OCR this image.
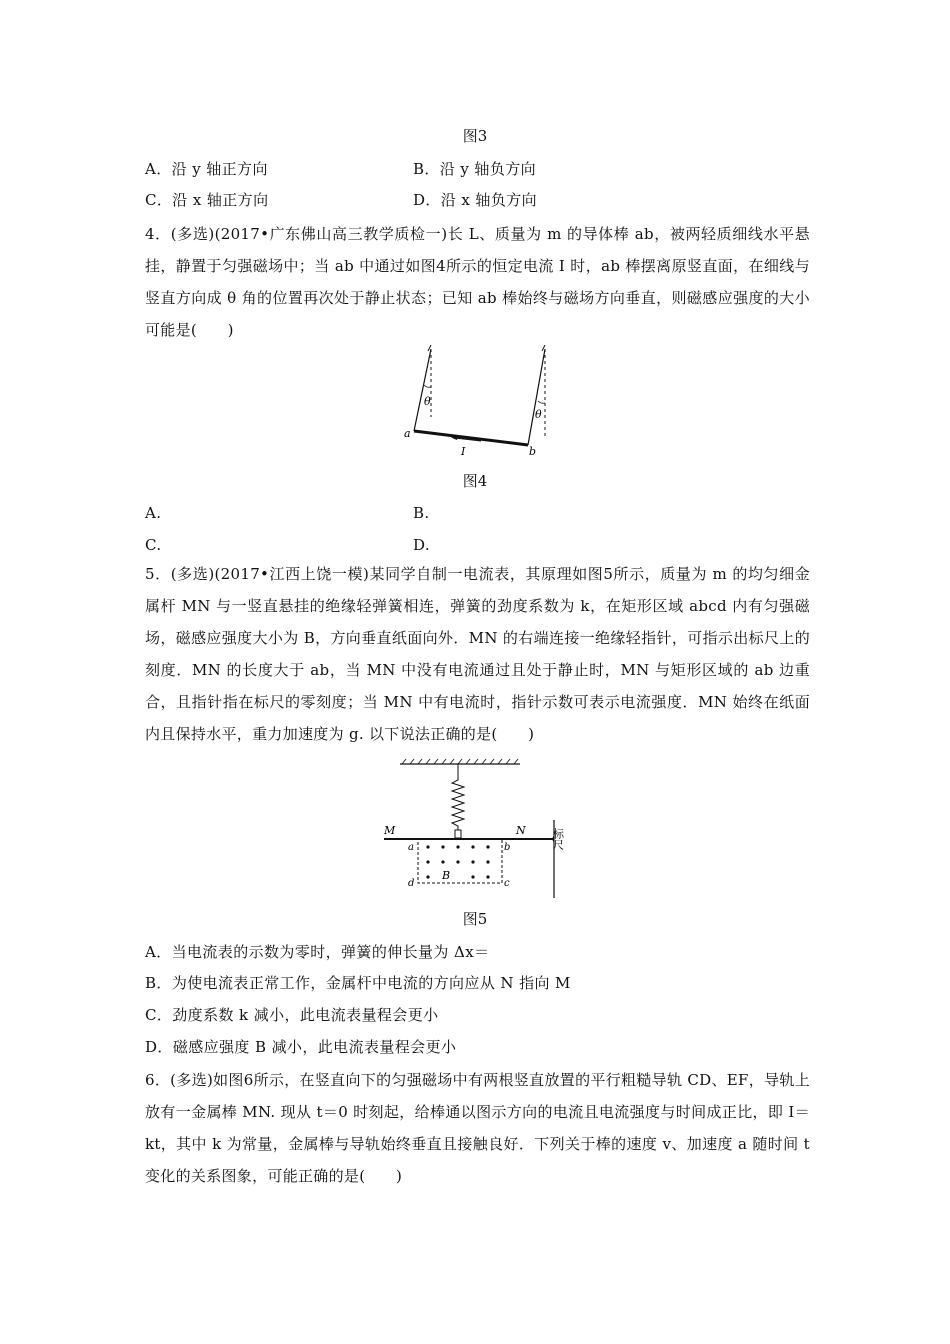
图3
A．沿 y 轴正方向	B．沿 y 轴负方向
C．沿 x 轴正方向	D．沿 x 轴负方向
4．(多选)(2017•广东佛山高三教学质检一)长 L、质量为 m 的导体棒 ab，被两轻质细线水平悬挂，静置于匀强磁场中；当 ab 中通过如图4所示的恒定电流 I 时，ab 棒摆离原竖直面，在细线与竖直方向成 θ 角的位置再次处于静止状态；已知 ab 棒始终与磁场方向垂直，则磁感应强度的大小可能是(　　)
θ
θ
a
b
I
图4
A.	B.
C.	D.
5．(多选)(2017•江西上饶一模)某同学自制一电流表，其原理如图5所示，质量为 m 的均匀细金属杆 MN 与一竖直悬挂的绝缘轻弹簧相连，弹簧的劲度系数为 k，在矩形区域 abcd 内有匀强磁场，磁感应强度大小为 B，方向垂直纸面向外．MN 的右端连接一绝缘轻指针，可指示出标尺上的刻度．MN 的长度大于 ab，当 MN 中没有电流通过且处于静止时，MN 与矩形区域的 ab 边重合，且指针指在标尺的零刻度；当 MN 中有电流时，指针示数可表示电流强度．MN 始终在纸面内且保持水平，重力加速度为 g. 以下说法正确的是(　　)
M	N
a	b
c
d
B
标尺
图5
A．当电流表的示数为零时，弹簧的伸长量为 Δx＝
B．为使电流表正常工作，金属杆中电流的方向应从 N 指向 M
C．劲度系数 k 减小，此电流表量程会更小
D．磁感应强度 B 减小，此电流表量程会更小
6．(多选)如图6所示，在竖直向下的匀强磁场中有两根竖直放置的平行粗糙导轨 CD、EF，导轨上放有一金属棒 MN. 现从 t＝0 时刻起，给棒通以图示方向的电流且电流强度与时间成正比，即 I＝kt，其中 k 为常量，金属棒与导轨始终垂直且接触良好．下列关于棒的速度 v、加速度 a 随时间 t 变化的关系图象，可能正确的是(　　)
